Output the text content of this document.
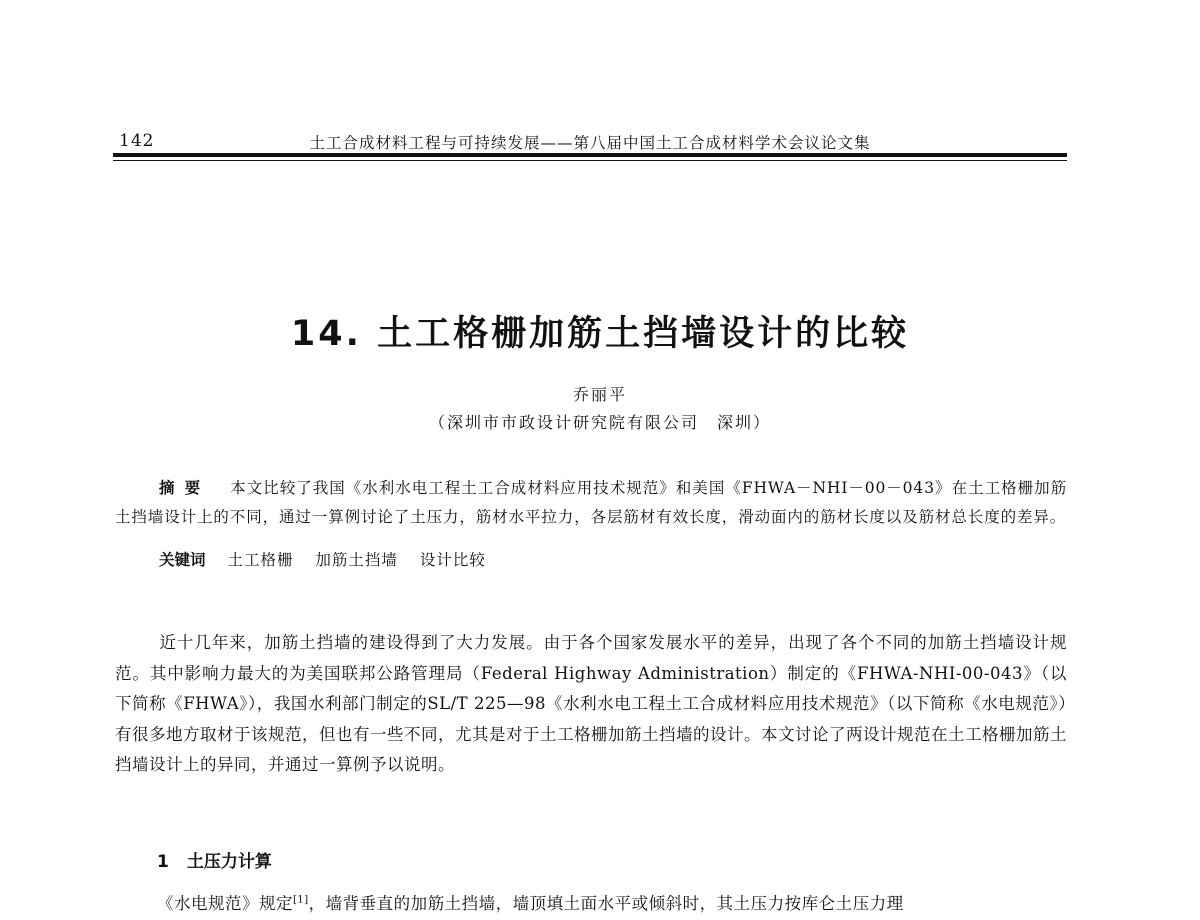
142	土工合成材料工程与可持续发展——第八届中国土工合成材料学术会议论文集
14. 土工格栅加筋土挡墙设计的比较
乔丽平
（深圳市市政设计研究院有限公司　深圳）
摘要 本文比较了我国《水利水电工程土工合成材料应用技术规范》和美国《FHWA－NHI－00－043》在土工格栅加筋土挡墙设计上的不同，通过一算例讨论了土压力，筋材水平拉力，各层筋材有效长度，滑动面内的筋材长度以及筋材总长度的差异。
关键词 土工格栅 加筋土挡墙 设计比较
近十几年来，加筋土挡墙的建设得到了大力发展。由于各个国家发展水平的差异，出现了各个不同的加筋土挡墙设计规范。其中影响力最大的为美国联邦公路管理局（Federal Highway Administration）制定的《FHWA-NHI-00-043》（以下简称《FHWA》），我国水利部门制定的SL/T 225—98《水利水电工程土工合成材料应用技术规范》（以下简称《水电规范》）有很多地方取材于该规范，但也有一些不同，尤其是对于土工格栅加筋土挡墙的设计。本文讨论了两设计规范在土工格栅加筋土挡墙设计上的异同，并通过一算例予以说明。
1 土压力计算
《水电规范》规定[1]，墙背垂直的加筋土挡墙，墙顶填土面水平或倾斜时，其土压力按库仑土压力理
